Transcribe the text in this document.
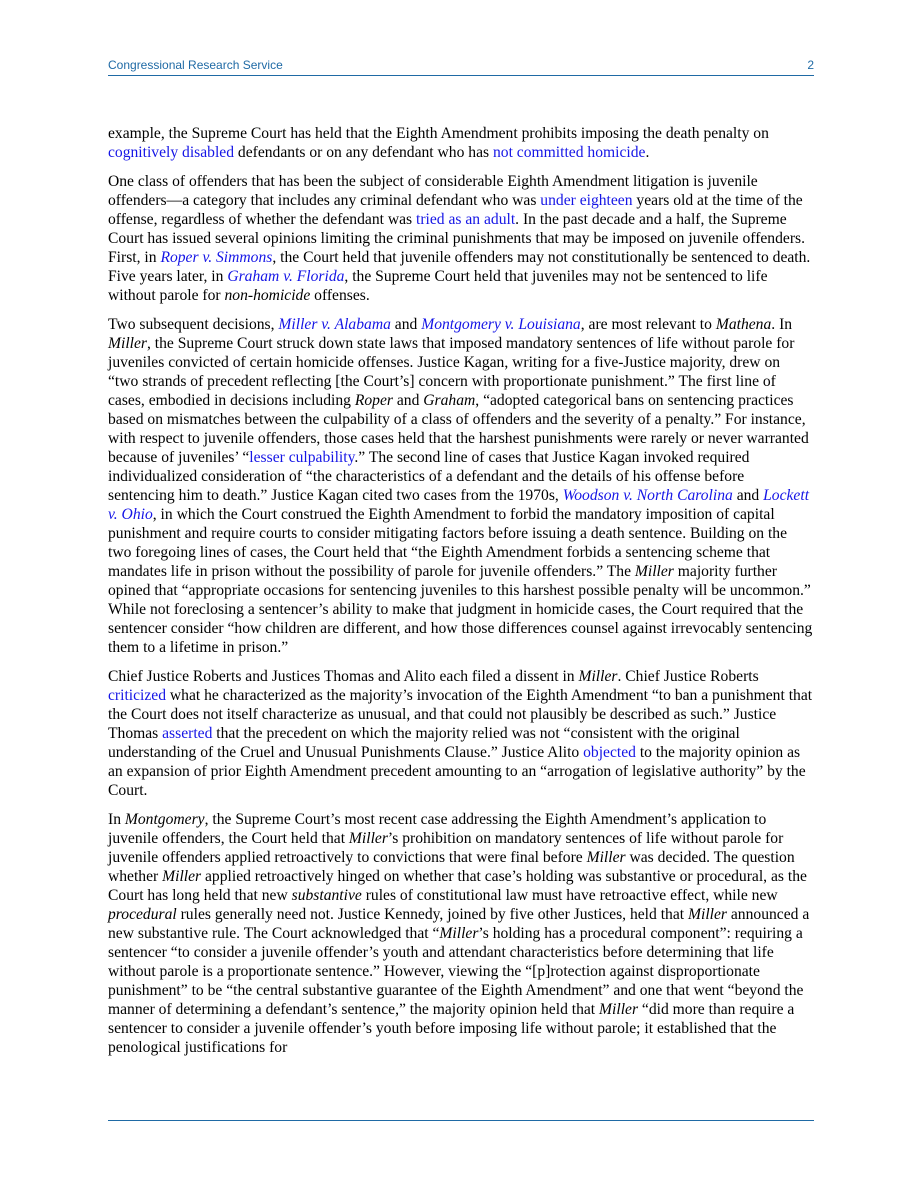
Congressional Research Service	2

example, the Supreme Court has held that the Eighth Amendment prohibits imposing the death penalty on cognitively disabled defendants or on any defendant who has not committed homicide.

One class of offenders that has been the subject of considerable Eighth Amendment litigation is juvenile offenders—a category that includes any criminal defendant who was under eighteen years old at the time of the offense, regardless of whether the defendant was tried as an adult. In the past decade and a half, the Supreme Court has issued several opinions limiting the criminal punishments that may be imposed on juvenile offenders. First, in Roper v. Simmons, the Court held that juvenile offenders may not constitutionally be sentenced to death. Five years later, in Graham v. Florida, the Supreme Court held that juveniles may not be sentenced to life without parole for non-homicide offenses.

Two subsequent decisions, Miller v. Alabama and Montgomery v. Louisiana, are most relevant to Mathena. In Miller, the Supreme Court struck down state laws that imposed mandatory sentences of life without parole for juveniles convicted of certain homicide offenses. Justice Kagan, writing for a five-Justice majority, drew on “two strands of precedent reflecting [the Court’s] concern with proportionate punishment.” The first line of cases, embodied in decisions including Roper and Graham, “adopted categorical bans on sentencing practices based on mismatches between the culpability of a class of offenders and the severity of a penalty.” For instance, with respect to juvenile offenders, those cases held that the harshest punishments were rarely or never warranted because of juveniles’ “lesser culpability.” The second line of cases that Justice Kagan invoked required individualized consideration of “the characteristics of a defendant and the details of his offense before sentencing him to death.” Justice Kagan cited two cases from the 1970s, Woodson v. North Carolina and Lockett v. Ohio, in which the Court construed the Eighth Amendment to forbid the mandatory imposition of capital punishment and require courts to consider mitigating factors before issuing a death sentence. Building on the two foregoing lines of cases, the Court held that “the Eighth Amendment forbids a sentencing scheme that mandates life in prison without the possibility of parole for juvenile offenders.” The Miller majority further opined that “appropriate occasions for sentencing juveniles to this harshest possible penalty will be uncommon.” While not foreclosing a sentencer’s ability to make that judgment in homicide cases, the Court required that the sentencer consider “how children are different, and how those differences counsel against irrevocably sentencing them to a lifetime in prison.”

Chief Justice Roberts and Justices Thomas and Alito each filed a dissent in Miller. Chief Justice Roberts criticized what he characterized as the majority’s invocation of the Eighth Amendment “to ban a punishment that the Court does not itself characterize as unusual, and that could not plausibly be described as such.” Justice Thomas asserted that the precedent on which the majority relied was not “consistent with the original understanding of the Cruel and Unusual Punishments Clause.” Justice Alito objected to the majority opinion as an expansion of prior Eighth Amendment precedent amounting to an “arrogation of legislative authority” by the Court.

In Montgomery, the Supreme Court’s most recent case addressing the Eighth Amendment’s application to juvenile offenders, the Court held that Miller’s prohibition on mandatory sentences of life without parole for juvenile offenders applied retroactively to convictions that were final before Miller was decided. The question whether Miller applied retroactively hinged on whether that case’s holding was substantive or procedural, as the Court has long held that new substantive rules of constitutional law must have retroactive effect, while new procedural rules generally need not. Justice Kennedy, joined by five other Justices, held that Miller announced a new substantive rule. The Court acknowledged that “Miller’s holding has a procedural component”: requiring a sentencer “to consider a juvenile offender’s youth and attendant characteristics before determining that life without parole is a proportionate sentence.” However, viewing the “[p]rotection against disproportionate punishment” to be “the central substantive guarantee of the Eighth Amendment” and one that went “beyond the manner of determining a defendant’s sentence,” the majority opinion held that Miller “did more than require a sentencer to consider a juvenile offender’s youth before imposing life without parole; it established that the penological justifications for
